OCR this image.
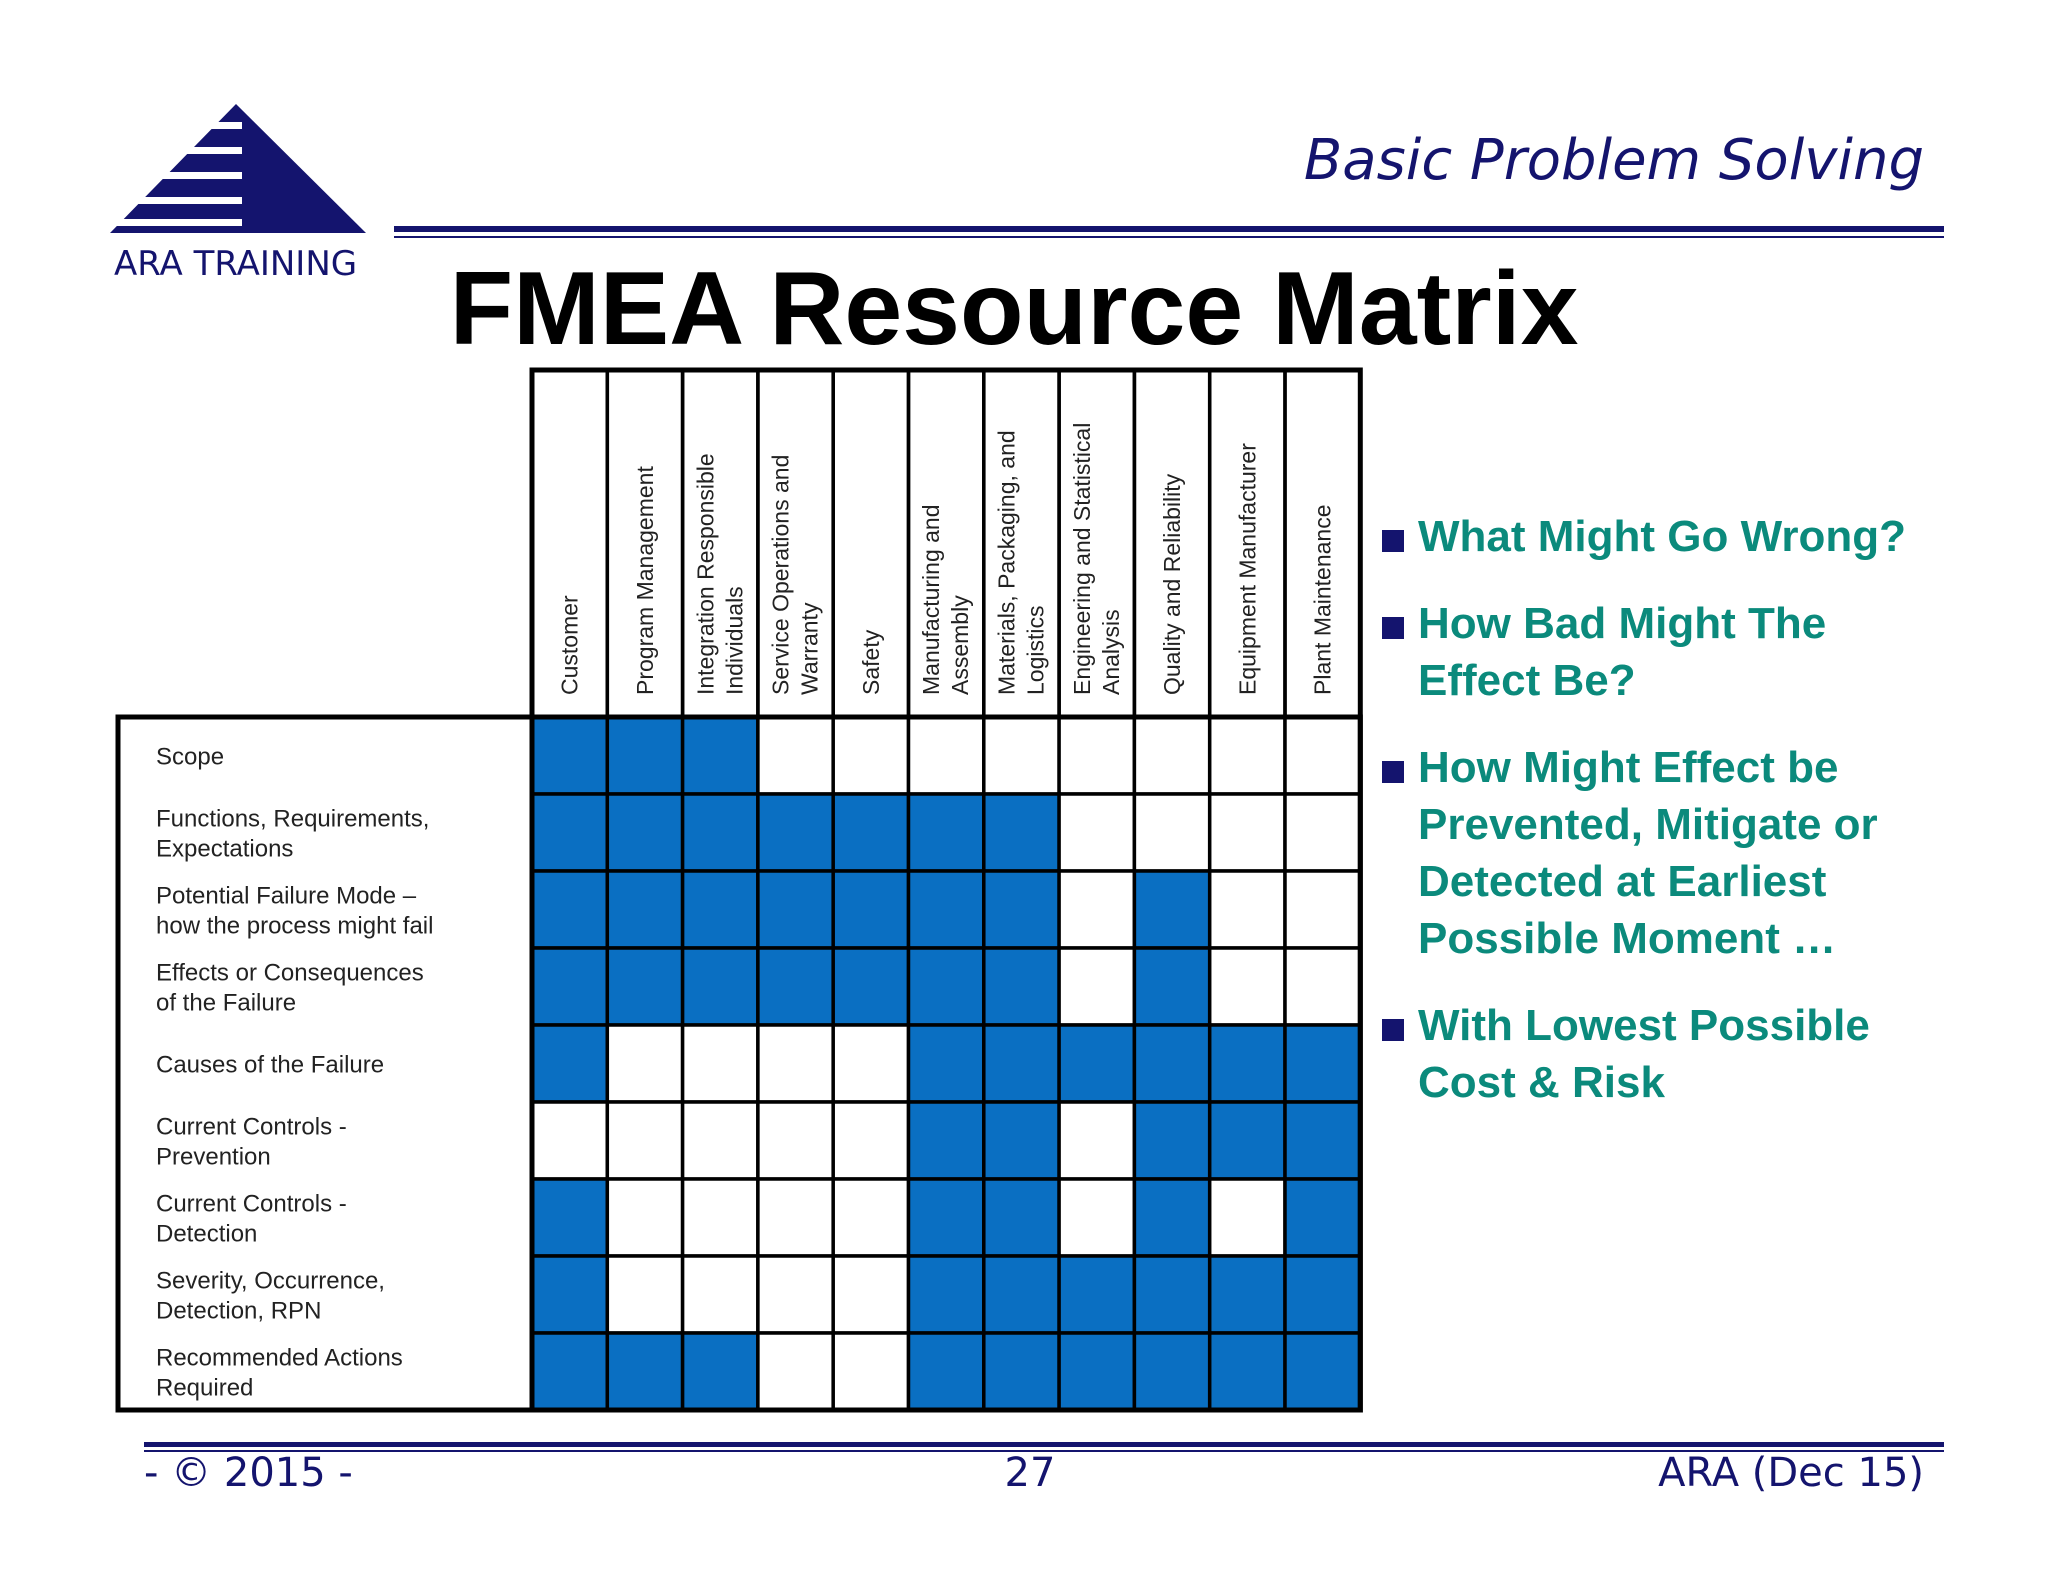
ARA TRAINING
Basic Problem Solving
FMEA Resource Matrix
Scope
Functions, Requirements, Expectations
Potential Failure Mode – how the process might fail
Effects or Consequences of the Failure
Causes of the Failure
Current Controls -Prevention
Current Controls -Detection
Severity, Occurrence, Detection, RPN
Recommended Actions Required
Customer Program Management Integration Responsible Individuals Service Operations and Warranty Safety Manufacturing and Assembly Materials, Packaging, and Logistics Engineering and Statistical Analysis Quality and Reliability Equipment Manufacturer Plant Maintenance What Might Go Wrong?
How Bad Might The
Effect Be?
How Might Effect be
Prevented, Mitigate or
Detected at Earliest
Possible Moment …
With Lowest Possible
Cost & Risk
- © 2015 -	27	ARA (Dec 15)
